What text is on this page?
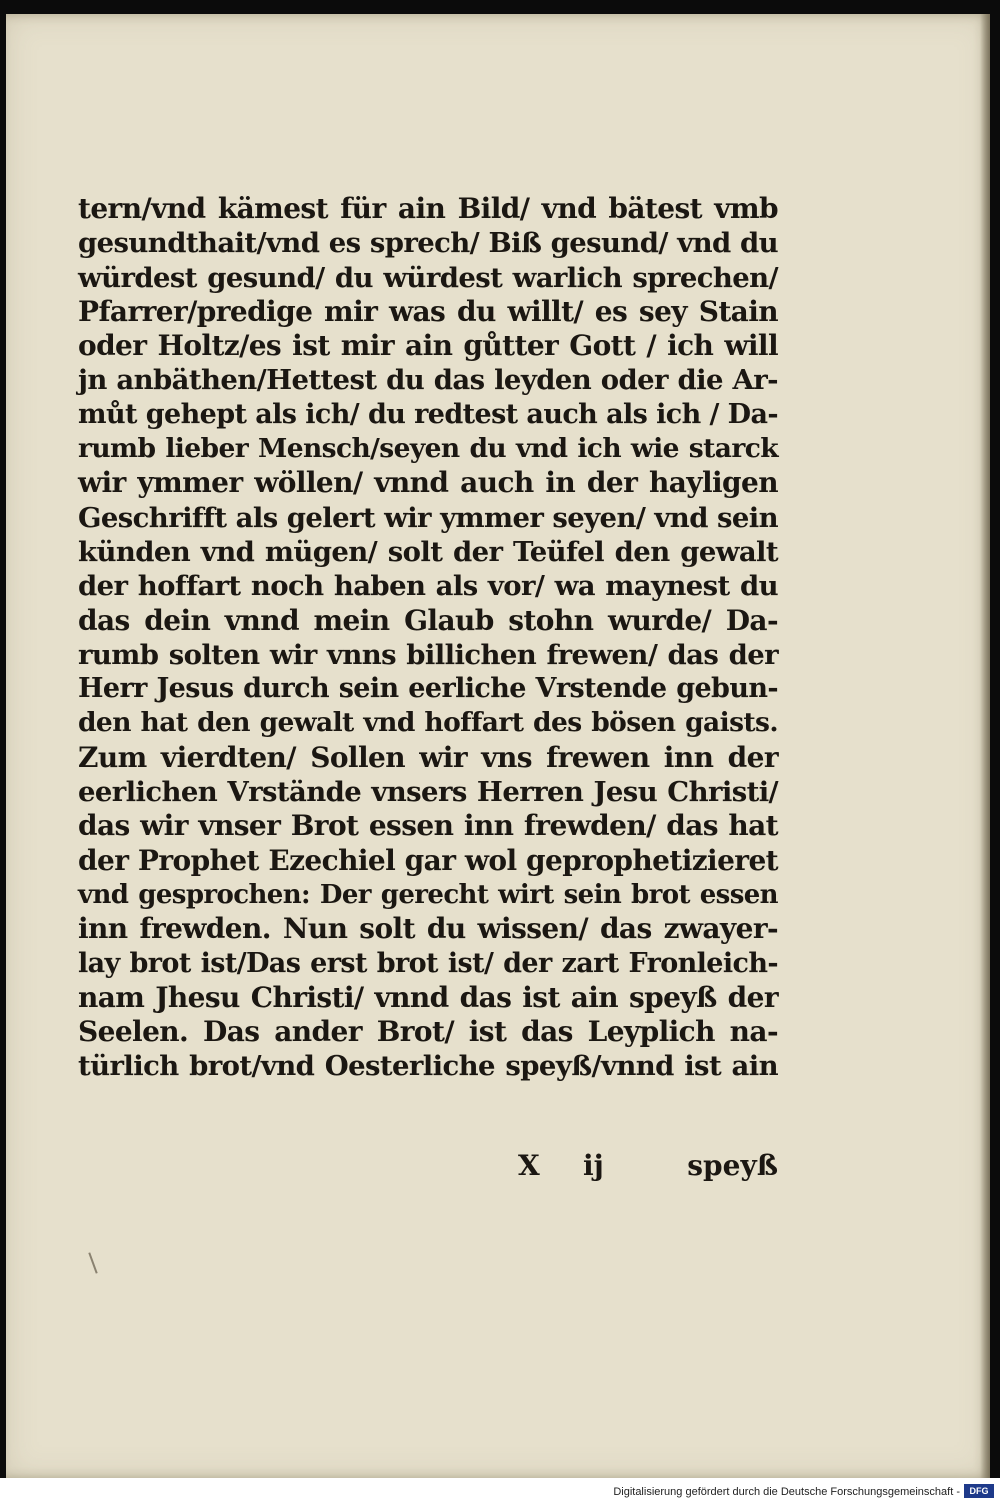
tern/vnd kämest für ain Bild/ vnd bätest vmb
gesundthait/vnd es sprech/ Biß gesund/ vnd du
würdest gesund/ du würdest warlich sprechen/
Pfarrer/predige mir was du willt/ es sey Stain
oder Holtz/es ist mir ain gůtter Gott / ich will
jn anbäthen/Hettest du das leyden oder die Ar-
můt gehept als ich/ du redtest auch als ich / Da-
rumb lieber Mensch/seyen du vnd ich wie starck
wir ymmer wöllen/ vnnd auch in der hayligen
Geschrifft als gelert wir ymmer seyen/ vnd sein
künden vnd mügen/ solt der Teüfel den gewalt
der hoffart noch haben als vor/ wa maynest du
das dein vnnd mein Glaub stohn wurde/ Da-
rumb solten wir vnns billichen frewen/ das der
Herr Jesus durch sein eerliche Vrstende gebun-
den hat den gewalt vnd hoffart des bösen gaists.
Zum vierdten/ Sollen wir vns frewen inn der
eerlichen Vrstände vnsers Herren Jesu Christi/
das wir vnser Brot essen inn frewden/ das hat
der Prophet Ezechiel gar wol geprophetizieret
vnd gesprochen: Der gerecht wirt sein brot essen
inn frewden. Nun solt du wissen/ das zwayer-
lay brot ist/Das erst brot ist/ der zart Fronleich-
nam Jhesu Christi/ vnnd das ist ain speyß der
Seelen. Das ander Brot/ ist das Leyplich na-
türlich brot/vnd Oesterliche speyß/vnnd ist ain
X ij	speyß
Digitalisierung gefördert durch die Deutsche Forschungsgemeinschaft -	DFG
